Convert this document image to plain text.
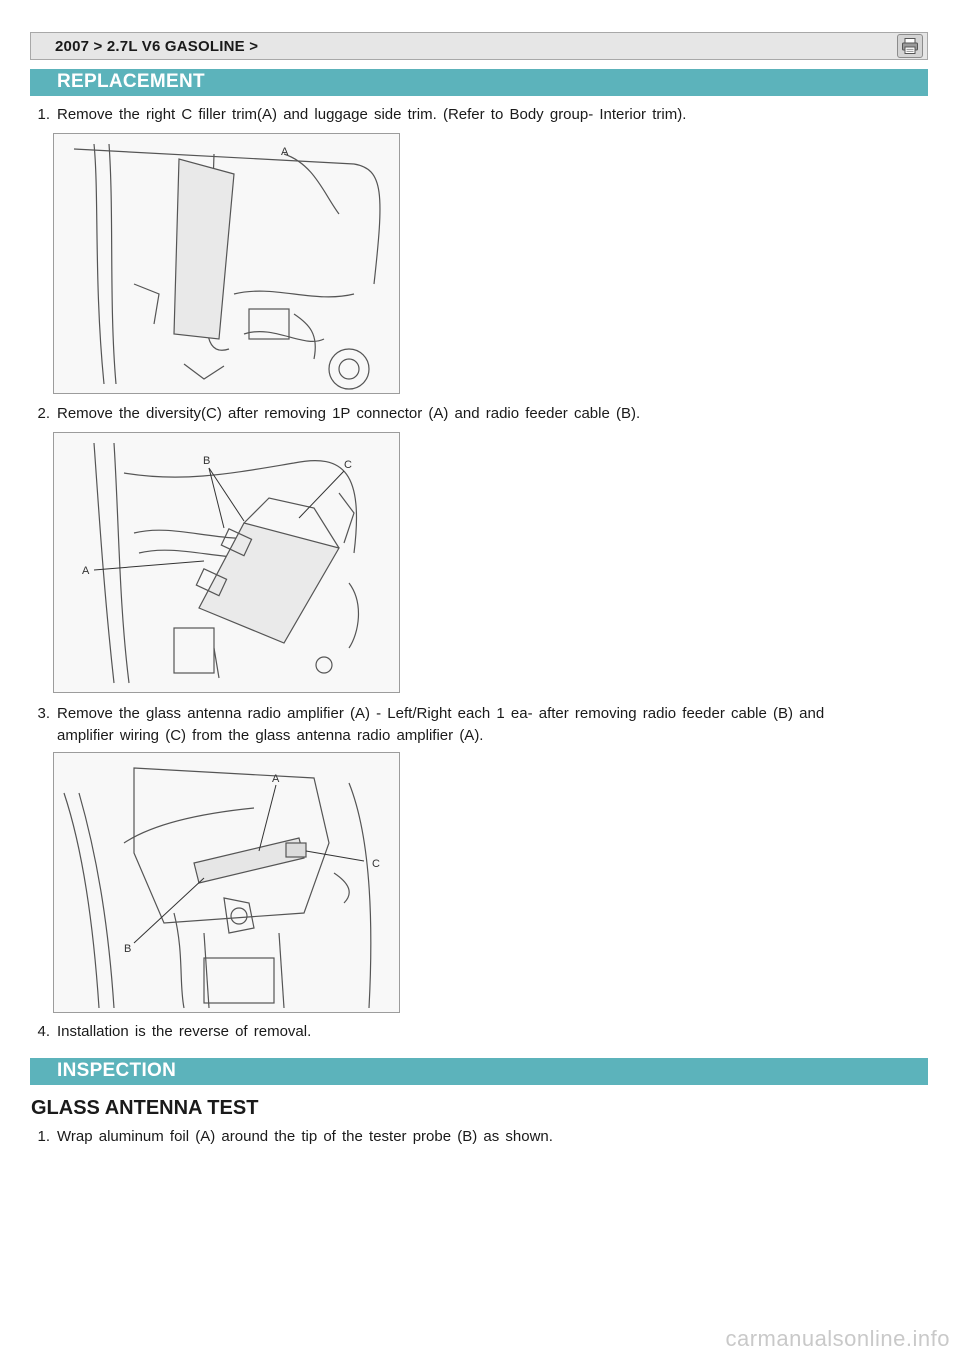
2007 > 2.7L V6 GASOLINE >
REPLACEMENT
1. Remove the right C filler trim(A) and luggage side trim. (Refer to Body group- Interior trim).
A
2. Remove the diversity(C) after removing 1P connector (A) and radio feeder cable (B).
A
B	C
3. Remove the glass antenna radio amplifier (A) - Left/Right each 1 ea- after removing radio feeder cable (B) and
amplifier wiring (C) from the glass antenna radio amplifier (A).
A
B
C
4. Installation is the reverse of removal.
INSPECTION
GLASS ANTENNA TEST
1. Wrap aluminum foil (A) around the tip of the tester probe (B) as shown.
carmanualsonline.info
